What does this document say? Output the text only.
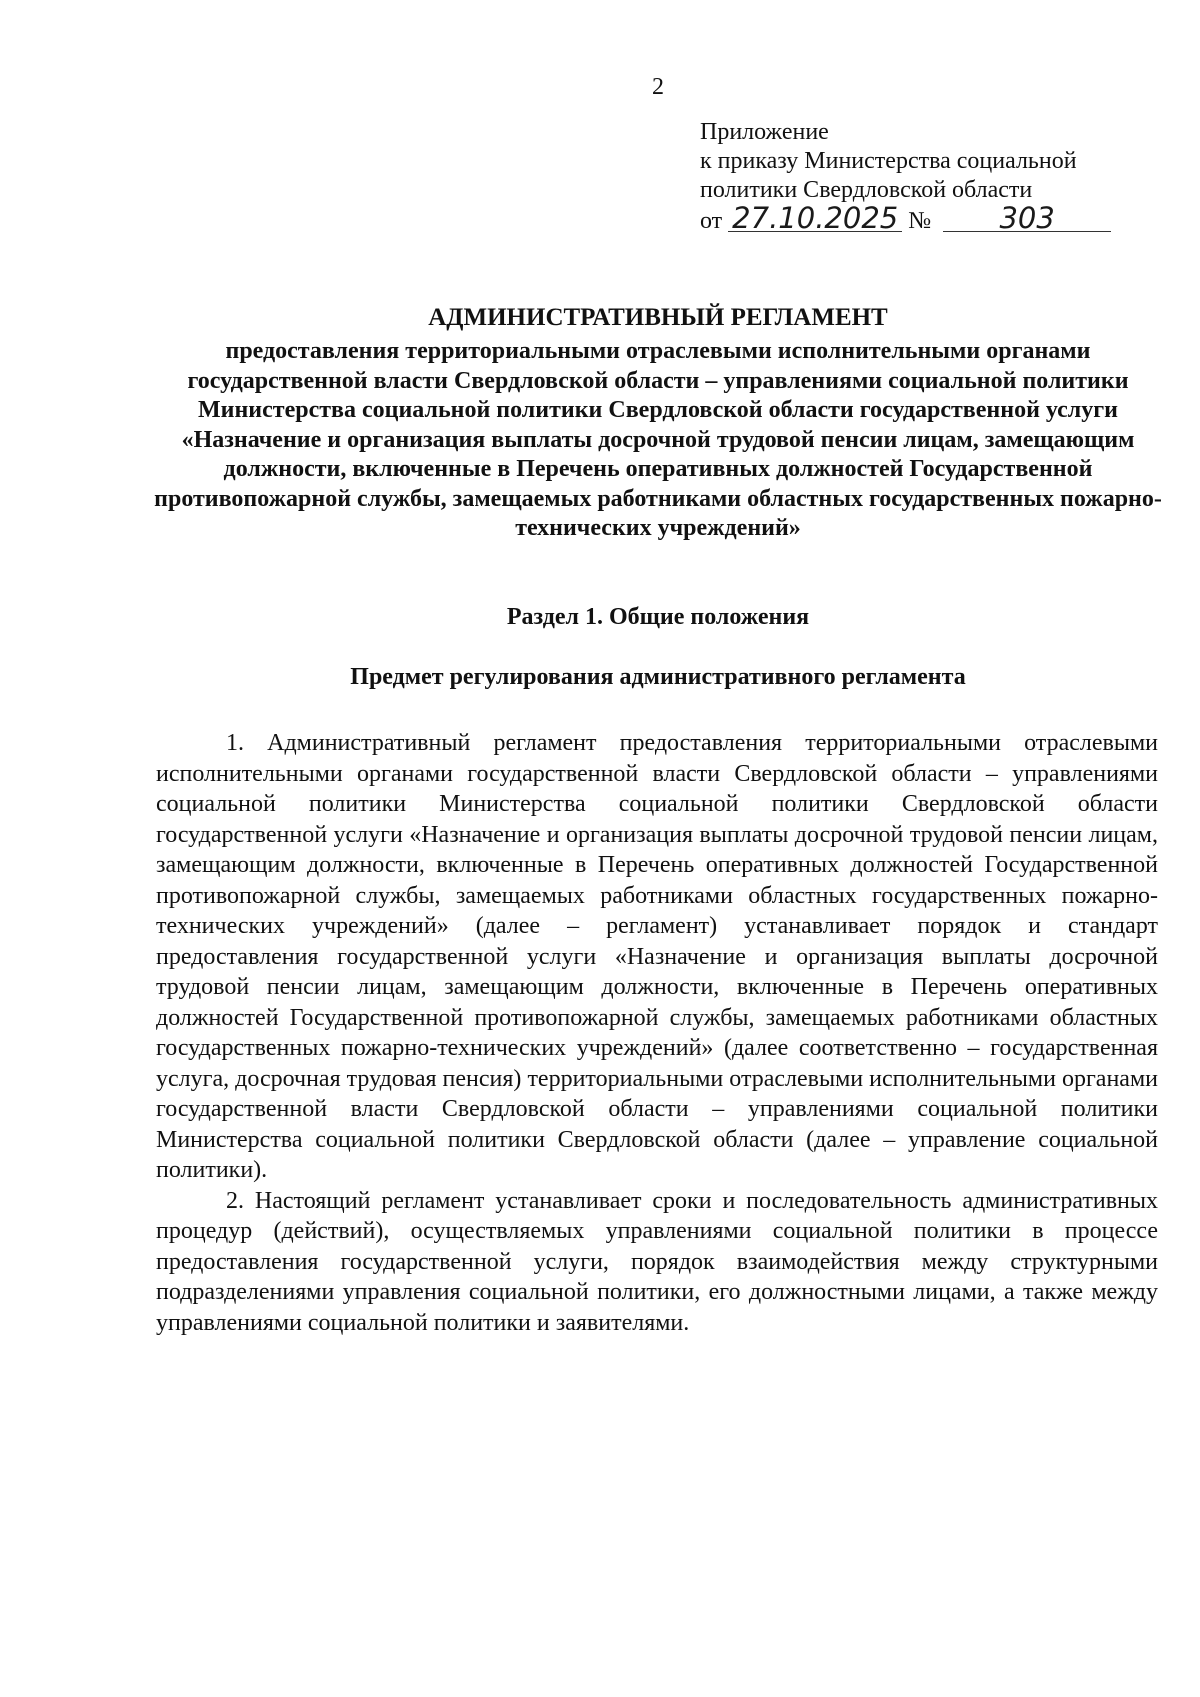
2
Приложение
к приказу Министерства социальной
политики Свердловской области
от 27.10.2025 № 303
АДМИНИСТРАТИВНЫЙ РЕГЛАМЕНТ
предоставления территориальными отраслевыми исполнительными органами государственной власти Свердловской области – управлениями социальной политики Министерства социальной политики Свердловской области государственной услуги «Назначение и организация выплаты досрочной трудовой пенсии лицам, замещающим должности, включенные в Перечень оперативных должностей Государственной противопожарной службы, замещаемых работниками областных государственных пожарно-технических учреждений»
Раздел 1. Общие положения
Предмет регулирования административного регламента

1. Административный регламент предоставления территориальными отраслевыми исполнительными органами государственной власти Свердловской области – управлениями социальной политики Министерства социальной политики Свердловской области государственной услуги «Назначение и организация выплаты досрочной трудовой пенсии лицам, замещающим должности, включенные в Перечень оперативных должностей Государственной противопожарной службы, замещаемых работниками областных государственных пожарно-технических учреждений» (далее – регламент) устанавливает порядок и стандарт предоставления государственной услуги «Назначение и организация выплаты досрочной трудовой пенсии лицам, замещающим должности, включенные в Перечень оперативных должностей Государственной противопожарной службы, замещаемых работниками областных государственных пожарно-технических учреждений» (далее соответственно – государственная услуга, досрочная трудовая пенсия) территориальными отраслевыми исполнительными органами государственной власти Свердловской области – управлениями социальной политики Министерства социальной политики Свердловской области (далее – управление социальной политики).

2. Настоящий регламент устанавливает сроки и последовательность административных процедур (действий), осуществляемых управлениями социальной политики в процессе предоставления государственной услуги, порядок взаимодействия между структурными подразделениями управления социальной политики, его должностными лицами, а также между управлениями социальной политики и заявителями.
